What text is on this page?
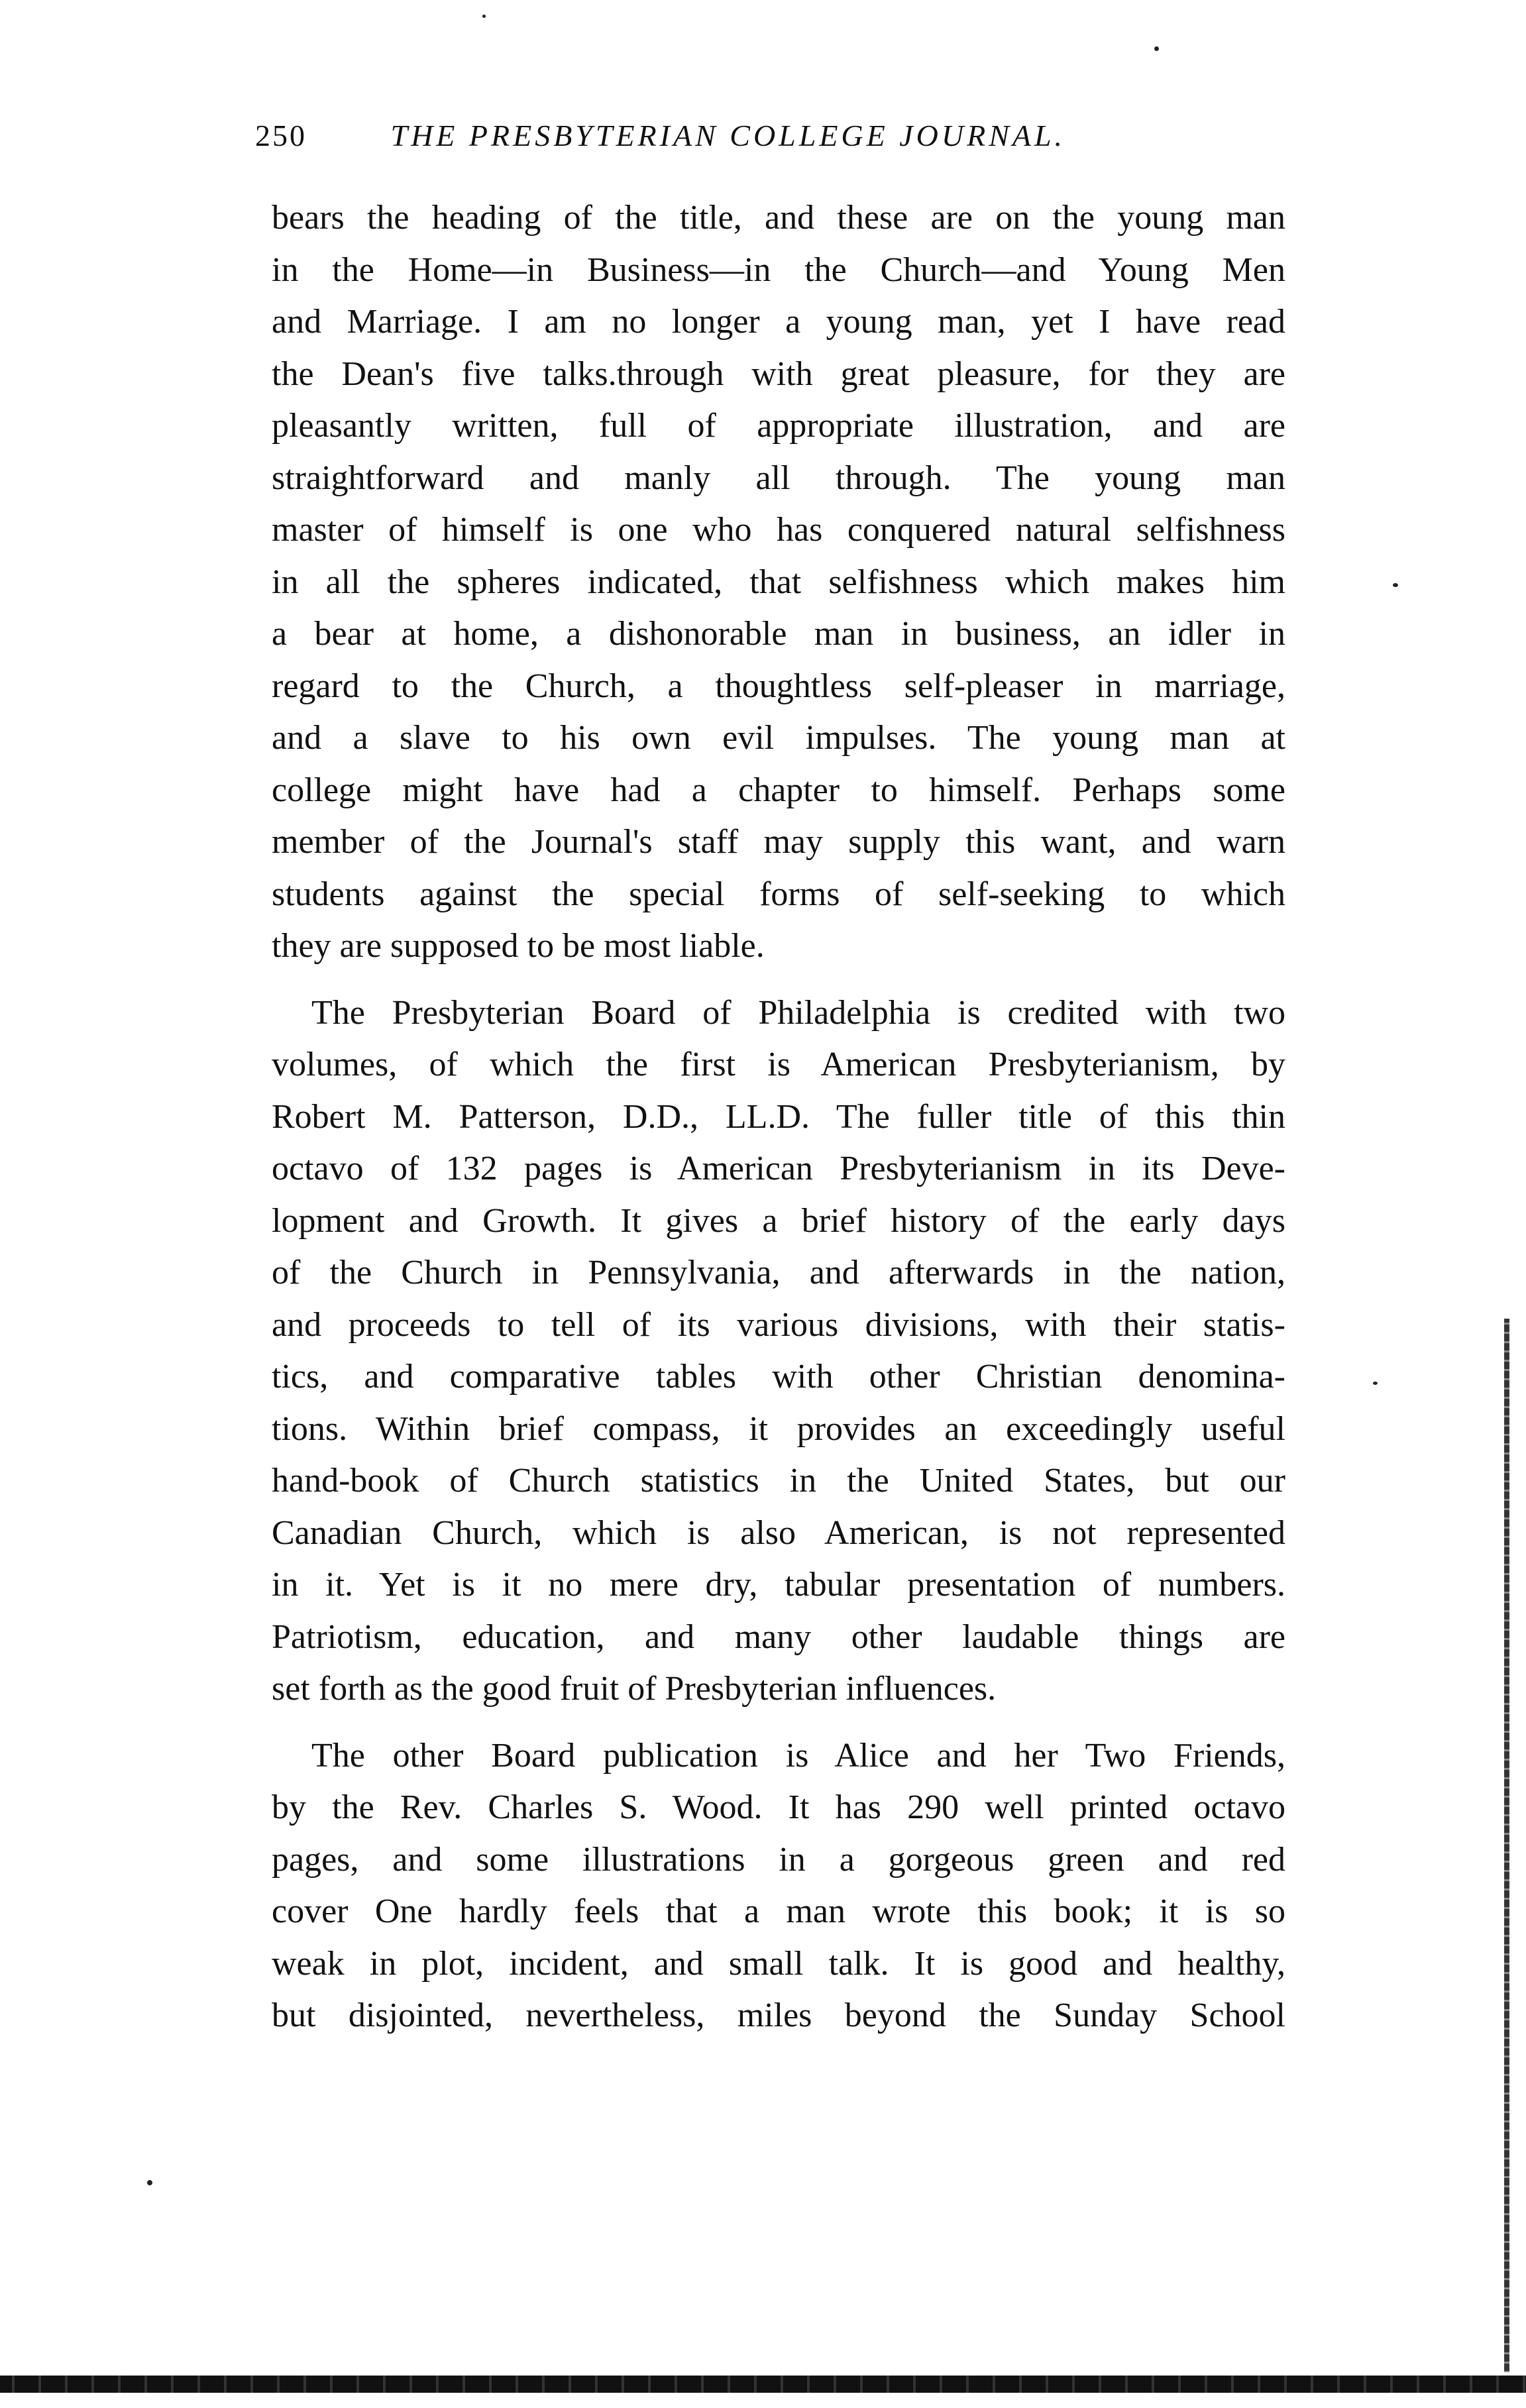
250	THE PRESBYTERIAN COLLEGE JOURNAL.
bears the heading of the title, and these are on the young man
in the Home—in Business—in the Church—and Young Men
and Marriage. I am no longer a young man, yet I have read
the Dean's five talks.through with great pleasure, for they are
pleasantly written, full of appropriate illustration, and are
straightforward and manly all through. The young man
master of himself is one who has conquered natural selfishness
in all the spheres indicated, that selfishness which makes him
a bear at home, a dishonorable man in business, an idler in
regard to the Church, a thoughtless self-pleaser in marriage,
and a slave to his own evil impulses. The young man at
college might have had a chapter to himself. Perhaps some
member of the Journal's staff may supply this want, and warn
students against the special forms of self-seeking to which
they are supposed to be most liable.
The Presbyterian Board of Philadelphia is credited with two
volumes, of which the first is American Presbyterianism, by
Robert M. Patterson, D.D., LL.D. The fuller title of this thin
octavo of 132 pages is American Presbyterianism in its Deve-
lopment and Growth. It gives a brief history of the early days
of the Church in Pennsylvania, and afterwards in the nation,
and proceeds to tell of its various divisions, with their statis-
tics, and comparative tables with other Christian denomina-
tions. Within brief compass, it provides an exceedingly useful
hand-book of Church statistics in the United States, but our
Canadian Church, which is also American, is not represented
in it. Yet is it no mere dry, tabular presentation of numbers.
Patriotism, education, and many other laudable things are
set forth as the good fruit of Presbyterian influences.
The other Board publication is Alice and her Two Friends,
by the Rev. Charles S. Wood. It has 290 well printed octavo
pages, and some illustrations in a gorgeous green and red
cover One hardly feels that a man wrote this book; it is so
weak in plot, incident, and small talk. It is good and healthy,
but disjointed, nevertheless, miles beyond the Sunday School
